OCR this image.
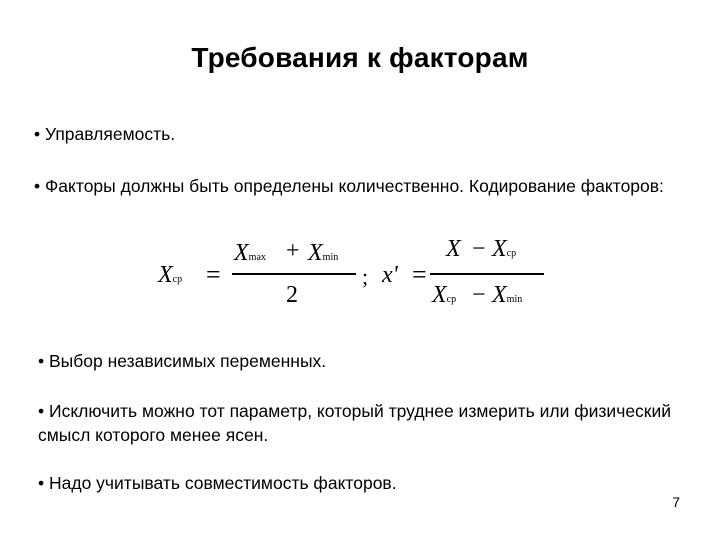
Требования к факторам
• Управляемость.
• Факторы должны быть определены количественно. Кодирование факторов:
Xср =
Xmax + Xmin
2
; x' =
X − Xср
Xср − Xmin
• Выбор независимых переменных.
• Исключить можно тот параметр, который труднее измерить или физический смысл которого менее ясен.
• Надо учитывать совместимость факторов.
7
